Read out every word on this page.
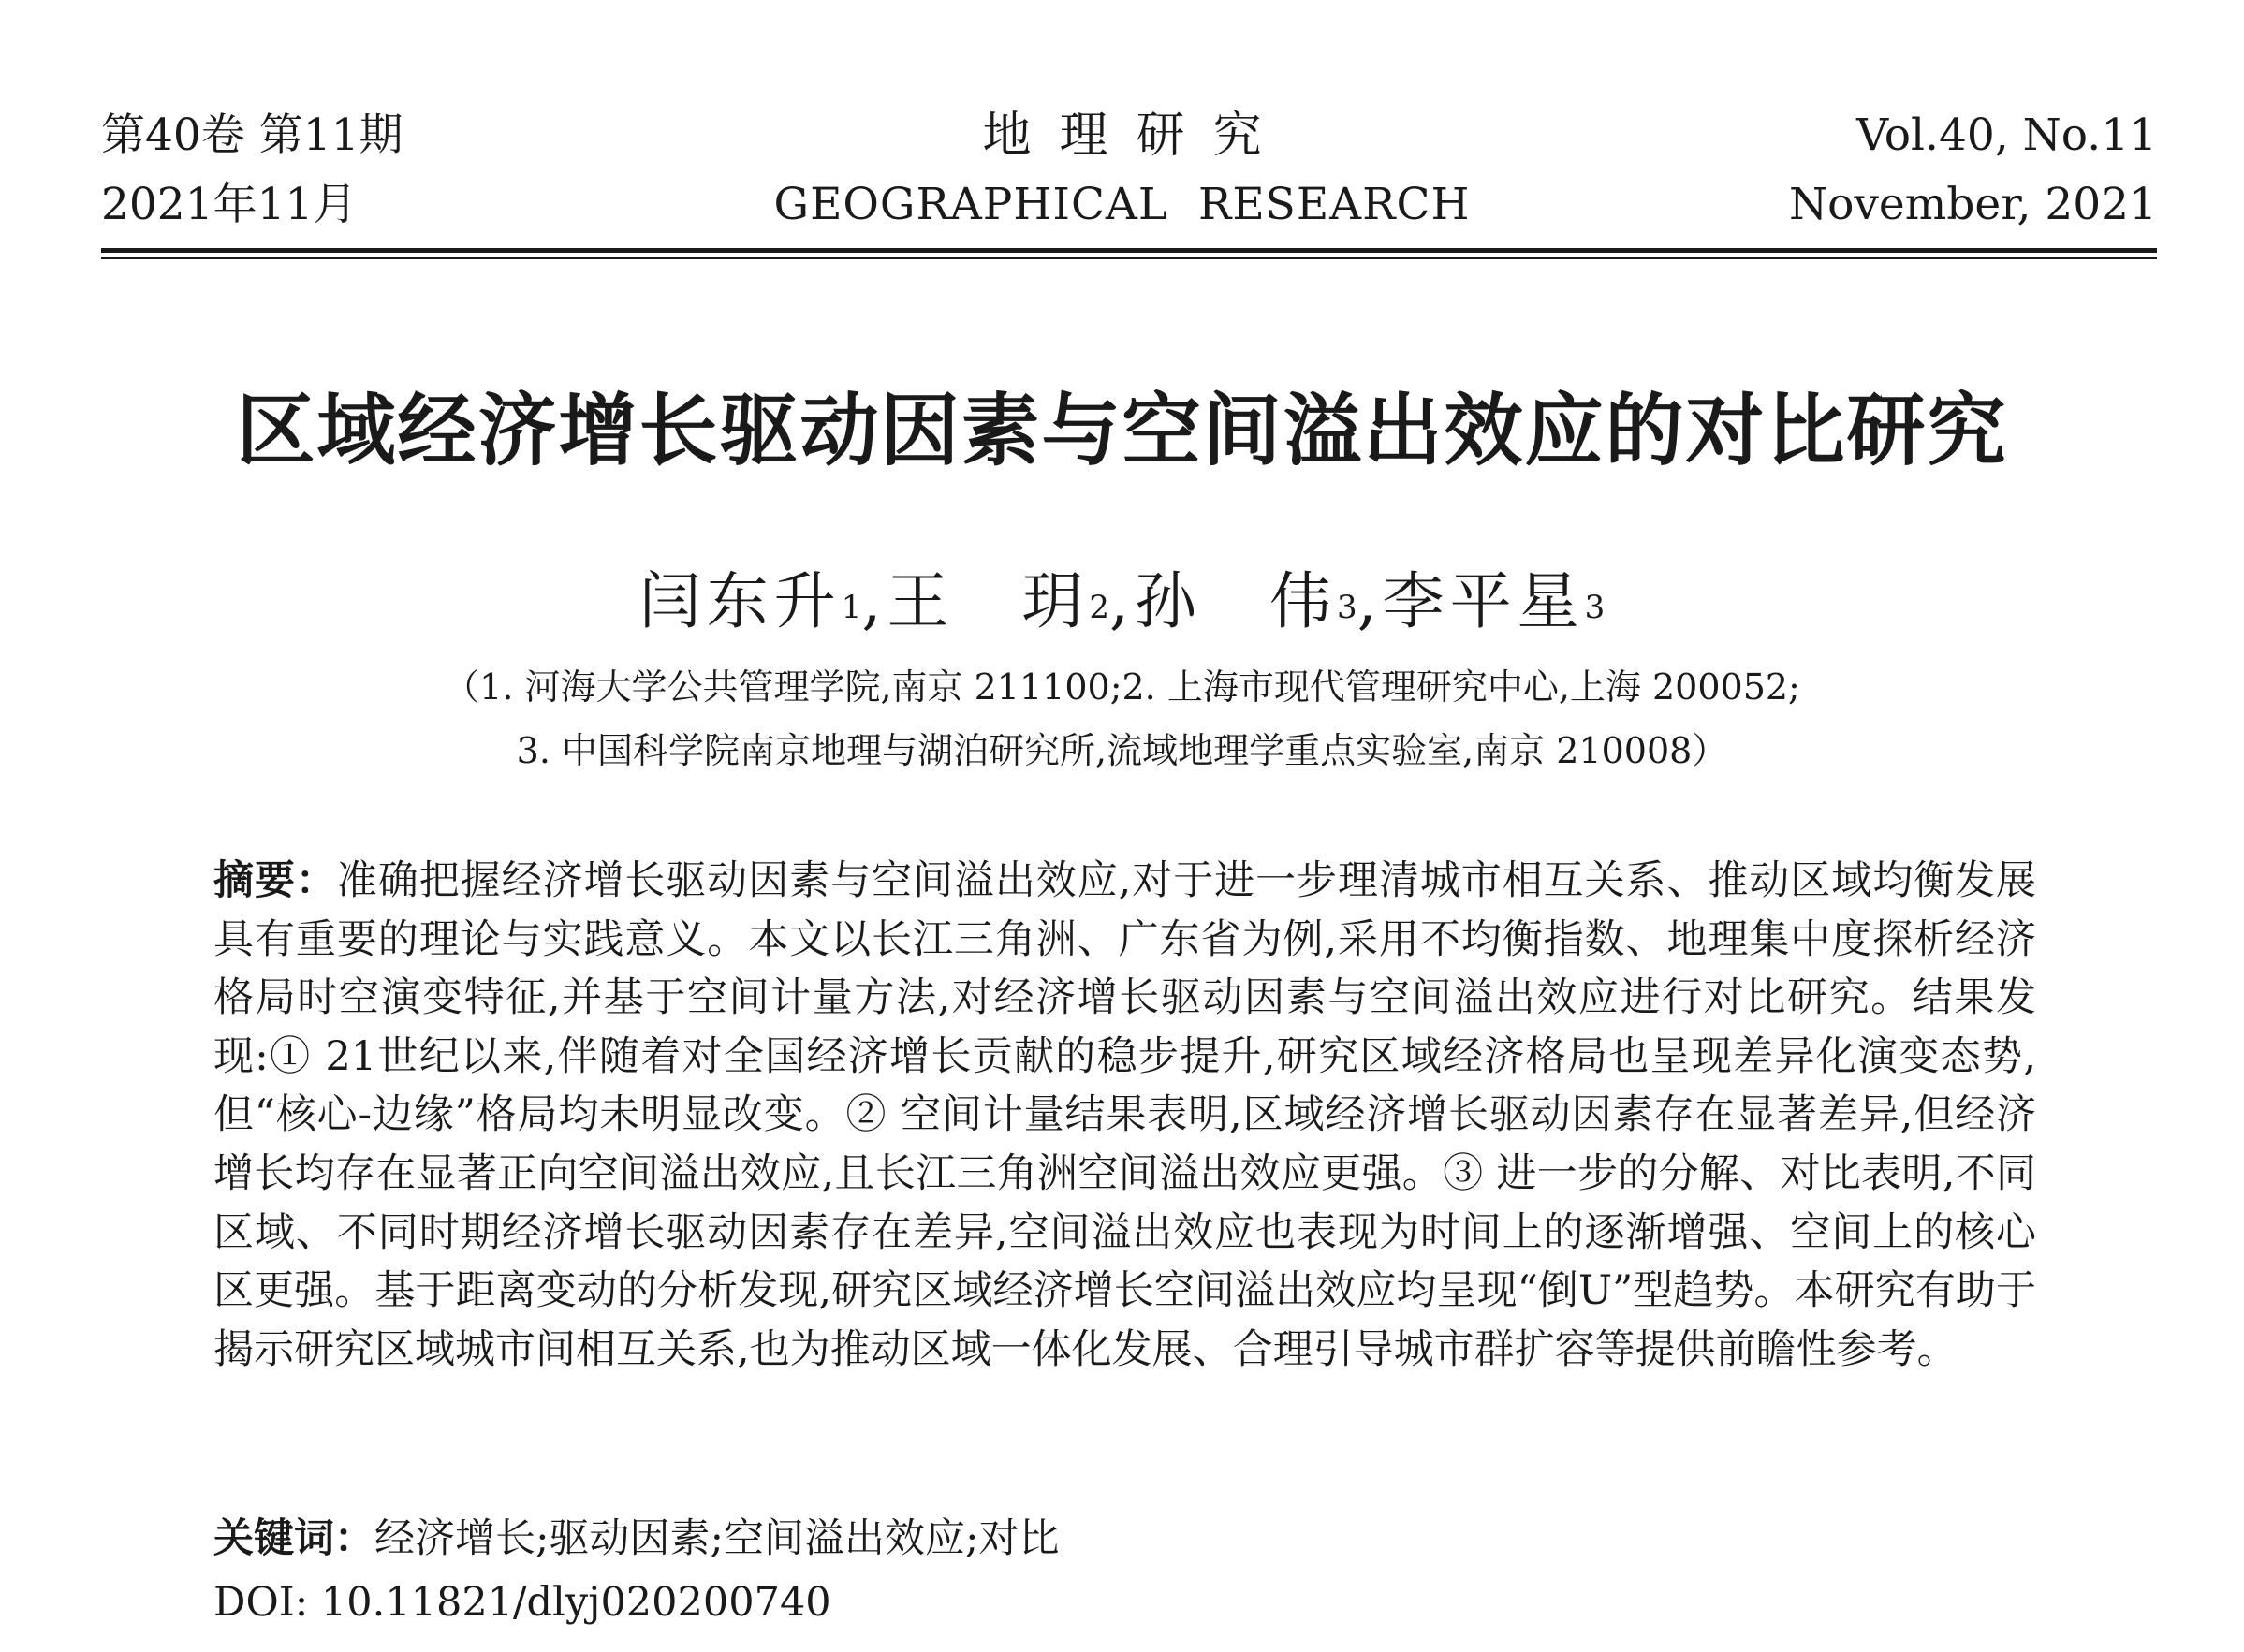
第40卷 第11期
2021年11月
地理研究
GEOGRAPHICAL  RESEARCH
Vol.40, No.11
November, 2021
区域经济增长驱动因素与空间溢出效应的对比研究
闫东升$^1$,王　玥$^2$,孙　伟$^3$,李平星$^3$
（1. 河海大学公共管理学院,南京 211100;2. 上海市现代管理研究中心,上海 200052;
3. 中国科学院南京地理与湖泊研究所,流域地理学重点实验室,南京 210008）
摘要：准确把握经济增长驱动因素与空间溢出效应,对于进一步理清城市相互关系、推动区域均衡发展具有重要的理论与实践意义。本文以长江三角洲、广东省为例,采用不均衡指数、地理集中度探析经济格局时空演变特征,并基于空间计量方法,对经济增长驱动因素与空间溢出效应进行对比研究。结果发现:① 21世纪以来,伴随着对全国经济增长贡献的稳步提升,研究区域经济格局也呈现差异化演变态势,但“核心-边缘”格局均未明显改变。② 空间计量结果表明,区域经济增长驱动因素存在显著差异,但经济增长均存在显著正向空间溢出效应,且长江三角洲空间溢出效应更强。③ 进一步的分解、对比表明,不同区域、不同时期经济增长驱动因素存在差异,空间溢出效应也表现为时间上的逐渐增强、空间上的核心区更强。基于距离变动的分析发现,研究区域经济增长空间溢出效应均呈现“倒U”型趋势。本研究有助于揭示研究区域城市间相互关系,也为推动区域一体化发展、合理引导城市群扩容等提供前瞻性参考。
关键词：经济增长;驱动因素;空间溢出效应;对比
DOI: 10.11821/dlyj020200740
